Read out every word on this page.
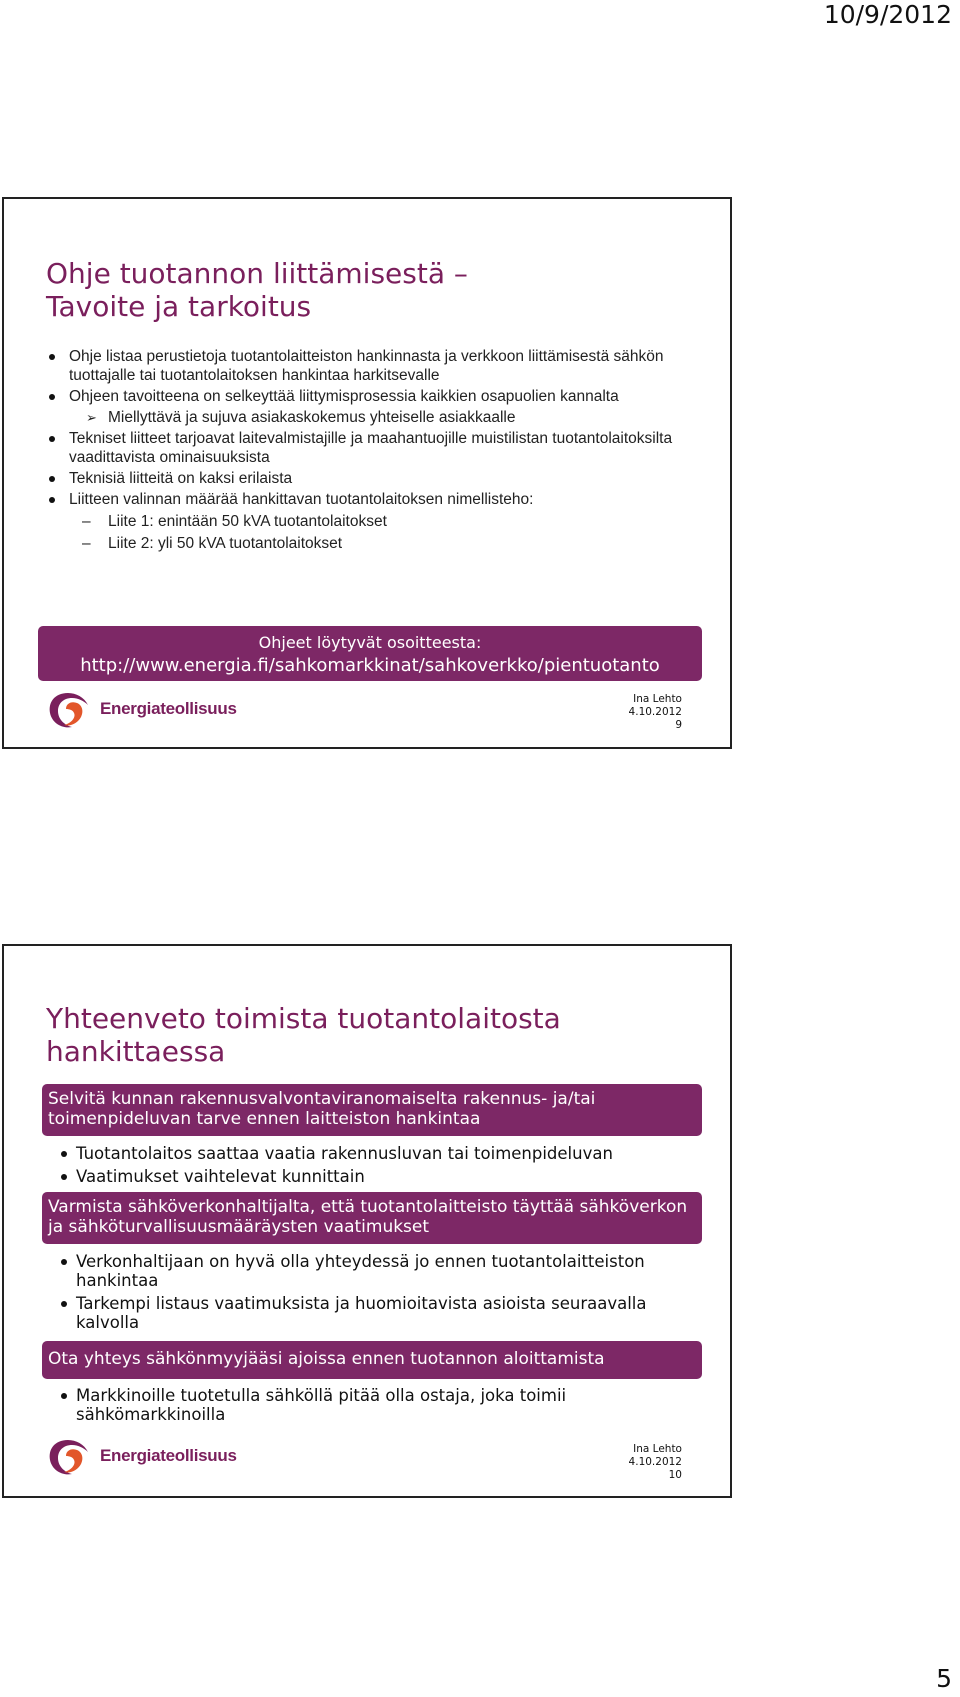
10/9/2012
Ohje tuotannon liittämisestä –
Tavoite ja tarkoitus
Ohje listaa perustietoja tuotantolaitteiston hankinnasta ja verkkoon liittämisestä sähkön tuottajalle tai tuotantolaitoksen hankintaa harkitsevalle
Ohjeen tavoitteena on selkeyttää liittymisprosessia kaikkien osapuolien kannalta
➢ Miellyttävä ja sujuva asiakaskokemus yhteiselle asiakkaalle
Tekniset liitteet tarjoavat laitevalmistajille ja maahantuojille muistilistan tuotantolaitoksilta vaadittavista ominaisuuksista
Teknisiä liitteitä on kaksi erilaista
Liitteen valinnan määrää hankittavan tuotantolaitoksen nimellisteho:
– Liite 1: enintään 50 kVA tuotantolaitokset
– Liite 2: yli 50 kVA tuotantolaitokset
Ohjeet löytyvät osoitteesta:
http://www.energia.fi/sahkomarkkinat/sahkoverkko/pientuotanto
Energiateollisuus	Ina Lehto
4.10.2012
9
Yhteenveto toimista tuotantolaitosta
hankittaessa
Selvitä kunnan rakennusvalvontaviranomaiselta rakennus- ja/tai toimenpideluvan tarve ennen laitteiston hankintaa
Tuotantolaitos saattaa vaatia rakennusluvan tai toimenpideluvan
Vaatimukset vaihtelevat kunnittain
Varmista sähköverkonhaltijalta, että tuotantolaitteisto täyttää sähköverkon ja sähköturvallisuusmääräysten vaatimukset
Verkonhaltijaan on hyvä olla yhteydessä jo ennen tuotantolaitteiston hankintaa
Tarkempi listaus vaatimuksista ja huomioitavista asioista seuraavalla kalvolla
Ota yhteys sähkönmyyjääsi ajoissa ennen tuotannon aloittamista
Markkinoille tuotetulla sähköllä pitää olla ostaja, joka toimii sähkömarkkinoilla
Energiateollisuus	Ina Lehto
4.10.2012
10
5
